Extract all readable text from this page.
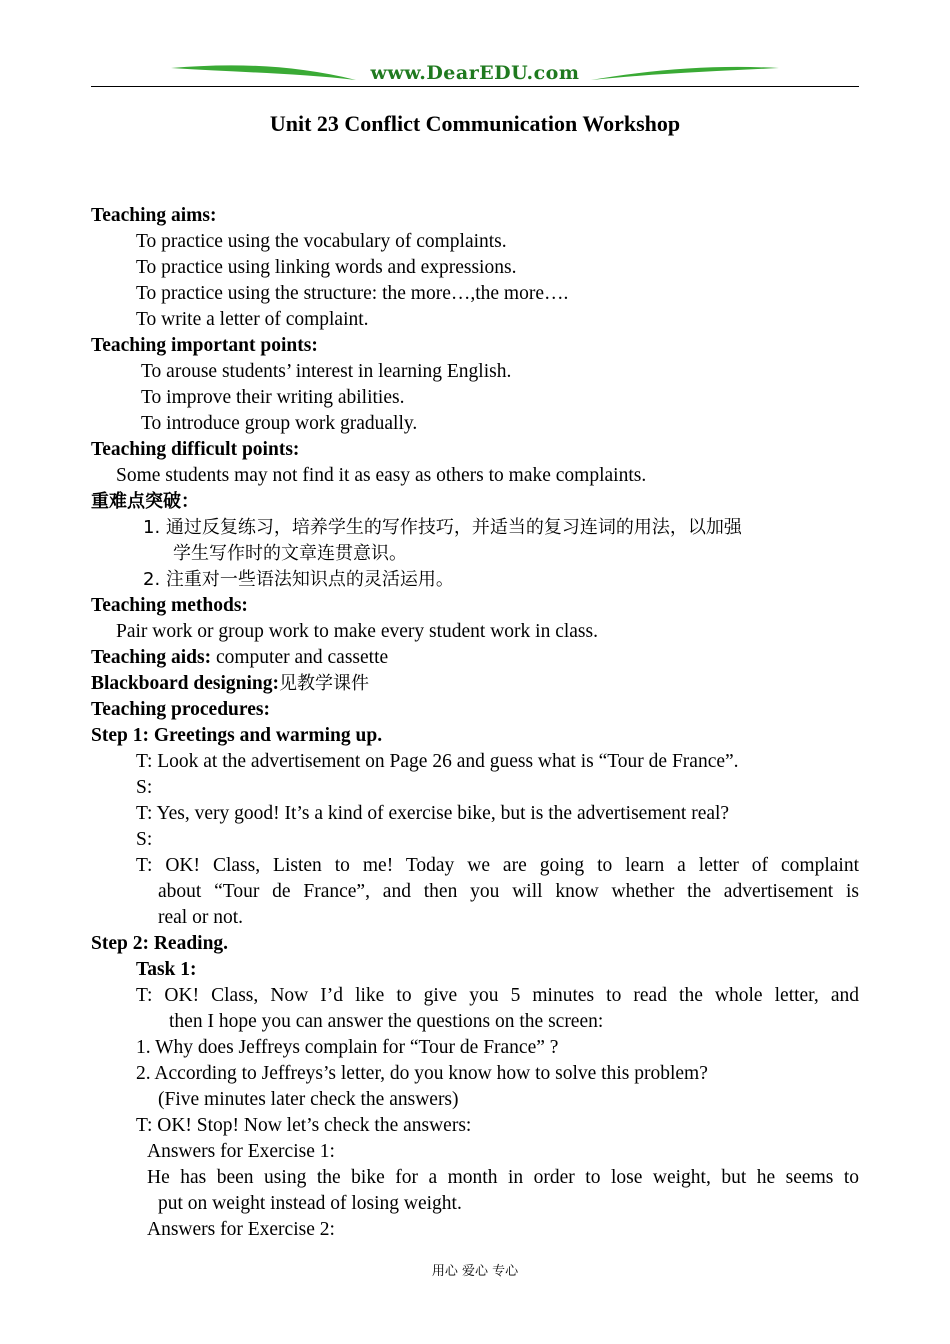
www.DearEDU.com
Unit 23 Conflict Communication Workshop
Teaching aims:
To practice using the vocabulary of complaints.
To practice using linking words and expressions.
To practice using the structure: the more…,the more….
To write a letter of complaint.
Teaching important points:
To arouse students’ interest in learning English.
To improve their writing abilities.
To introduce group work gradually.
Teaching difficult points:
Some students may not find it as easy as others to make complaints.
重难点突破：
1. 通过反复练习，培养学生的写作技巧，并适当的复习连词的用法，以加强
学生写作时的文章连贯意识。
2. 注重对一些语法知识点的灵活运用。
Teaching methods:
Pair work or group work to make every student work in class.
Teaching aids: computer and cassette
Blackboard designing:见教学课件
Teaching procedures:
Step 1: Greetings and warming up.
T: Look at the advertisement on Page 26 and guess what is “Tour de France”.
S:
T: Yes, very good! It’s a kind of exercise bike, but is the advertisement real?
S:
T: OK! Class, Listen to me! Today we are going to learn a letter of complaint
about “Tour de France”, and then you will know whether the advertisement is
real or not.
Step 2: Reading.
Task 1:
T: OK! Class, Now I’d like to give you 5 minutes to read the whole letter, and
then I hope you can answer the questions on the screen:
1. Why does Jeffreys complain for “Tour de France” ?
2. According to Jeffreys’s letter, do you know how to solve this problem?
(Five minutes later check the answers)
T: OK! Stop! Now let’s check the answers:
Answers for Exercise 1:
He has been using the bike for a month in order to lose weight, but he seems to
put on weight instead of losing weight.
Answers for Exercise 2:
用心 爱心 专心
